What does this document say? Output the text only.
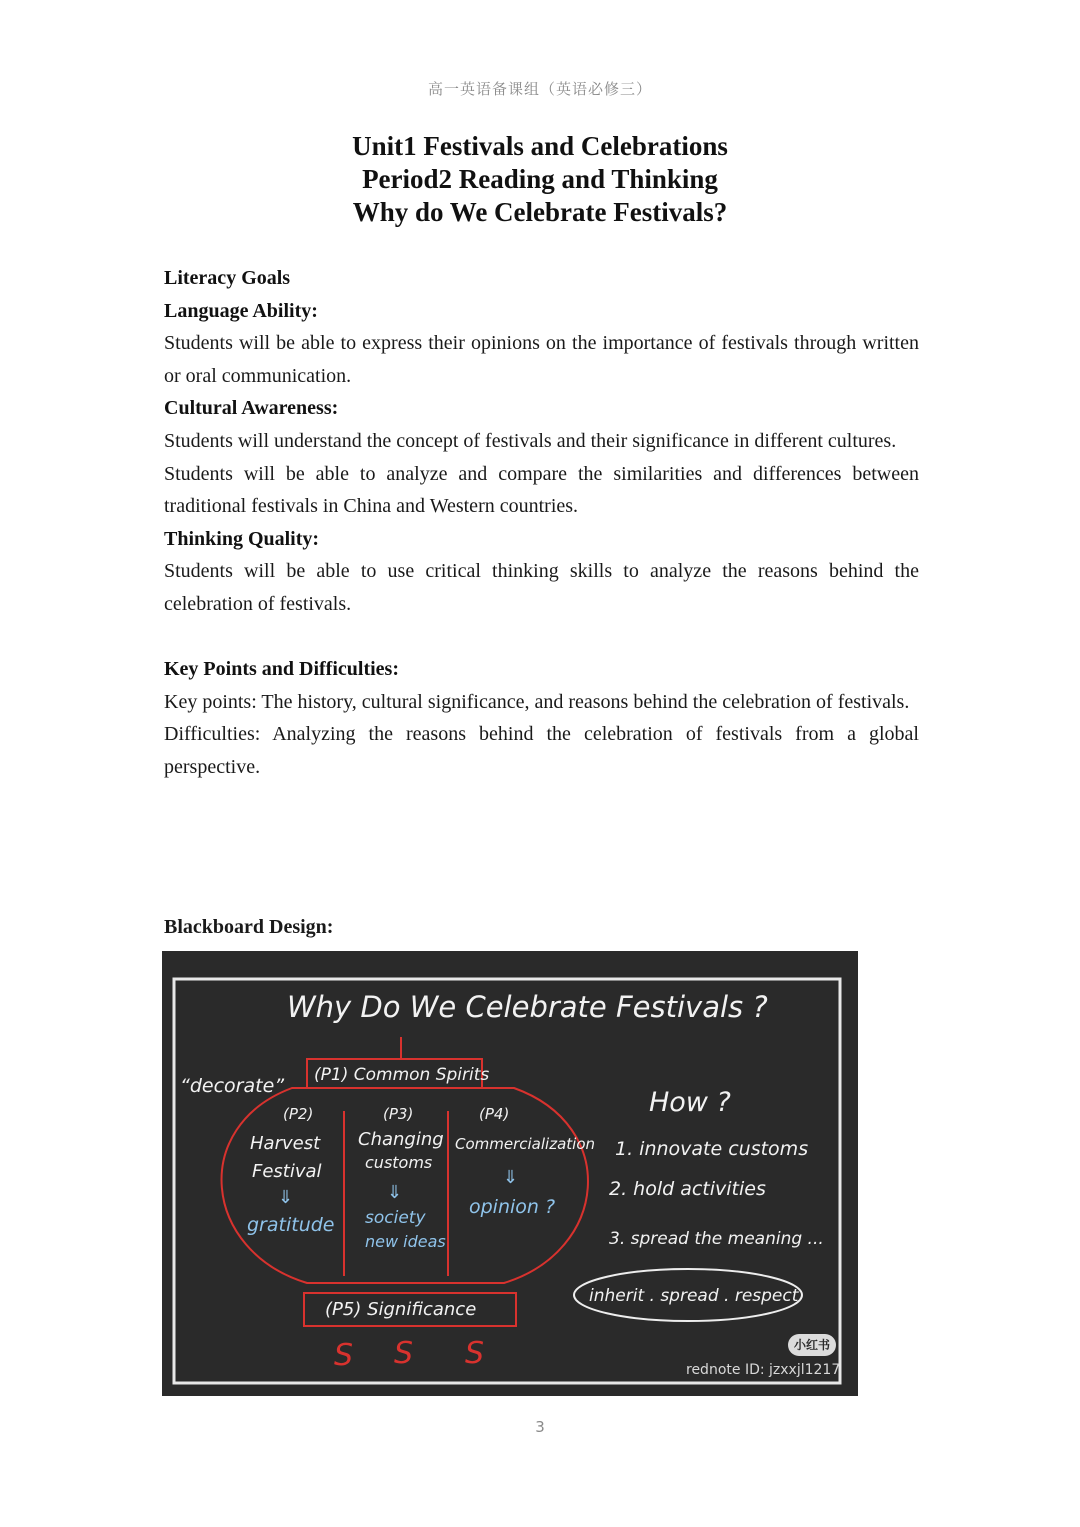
高一英语备课组（英语必修三）
Unit1 Festivals and Celebrations
Period2 Reading and Thinking
Why do We Celebrate Festivals?

Literacy Goals

Language Ability:

Students will be able to express their opinions on the importance of festivals through written or oral communication.

Cultural Awareness:

Students will understand the concept of festivals and their significance in different cultures.

Students will be able to analyze and compare the similarities and differences between traditional festivals in China and Western countries.

Thinking Quality:

Students will be able to use critical thinking skills to analyze the reasons behind the celebration of festivals.

Key Points and Difficulties:

Key points: The history, cultural significance, and reasons behind the celebration of festivals.

Difficulties: Analyzing the reasons behind the celebration of festivals from a global perspective.

Blackboard Design:
Why Do We Celebrate Festivals ?
(P1) Common Spirits
“decorate”
(P2)
Harvest
Festival
⇓
gratitude
(P3)
Changing
customs
⇓
society
new ideas
(P4)
Commercialization
⇓
opinion ?
(P5) Significance
S S S
How ?
1. innovate customs
2. hold activities
3. spread the meaning ...
inherit . spread . respect
小红书
rednote ID: jzxxjl1217
3
